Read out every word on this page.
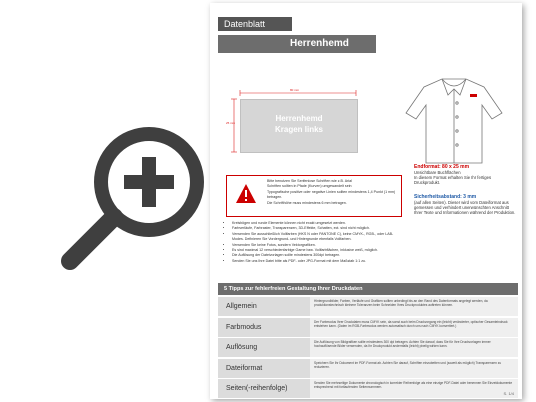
Datenblatt
Herrenhemd
80 mm
25 mm	Herrenhemd
Kragen links
Endformat: 80 x 25 mm
Unsichtbare Buchflächen
In diesem Format erhalten Sie Ihr fertiges
Druckprodukt.
Sicherheitsabstand: 3 mm
(auf allen Seiten). Dieser wird vom Dateiformat aus gemessen und verhindert unerwünschten Anschnitt Ihrer Texte und Informationen während der Produktion.
Bitte benutzen Sie Serifenlose Schriften wie z.B. Arial
Schriften sollten in Pfade (Kurven) umgewandelt sein
Typografische positive oder negative Linien sollten mindestens 1,4 Punkt (1 mm) betragen.
Die Schrifthöhe muss mindestens 6 mm betragen.
• Kreisbögen und runde Elemente können nicht exakt umgesetzt werden.
• Farbverläufe, Farbraster, Transparenzen, 3D-Effekte, Schatten, ect. sind nicht möglich.
• Verwenden Sie ausschließlich Vollfarben (HKS N oder PANTONE C), keine CMYK-, RGB-, oder LAB-Modes. Definieren Sie Vordergrund- und Hintergrunde ebenfalls Vollfarben.
• Verwenden Sie keine Fotos, sondern Vektorgrafiken.
• Es sind maximal 12 verschiedenfarbige Garne bzw. Vollfarbflächen, inklusive weiß, möglich.
• Die Auflösung der Dateivorlagen sollte mindestens 300dpi betragen.
• Senden Sie uns Ihre Datei bitte als PDF- oder JPG-Format mit dem Maßstab 1:1 zu.
5 Tipps zur fehlerfreien Gestaltung Ihrer Druckdaten
Allgemein
Hintergrundbilder, Farben, Verläufe und Grafiken sollten unbedingt bis an den Rand des Datenformats angelegt werden, da produktionstechnisch kleinere Toleranzen beim Schneiden Ihres Druckproduktes auftreten können.
Farbmodus
Der Farbmodus Ihrer Druckdaten muss CMYK sein, da sonst auch beim Druckvorgang ein (leicht) veränderter, optischer Gesamteindruck entstehen kann. (Daten im RGB-Farbmodus werden automatisch durch uns nach CMYK konvertiert.)
Auflösung
Die Auflösung von Bildgrafiken sollte mindestens 300 dpi betragen. Achten Sie darauf, dass Sie für Ihre Druckvorlagen immer hochauflösende Bilder verwenden, da Ihr Druckprodukt andernfalls (leicht) pixelig wirken kann.
Dateiformat
Speichern Sie Ihr Dokument im PDF-Format ab. Achten Sie darauf, Schriften einzubetten und (soweit als möglich) Transparenzen zu reduzieren.
Seiten(-reihenfolge)
Senden Sie mehrseitige Dokumente chronologisch in korrekter Reihenfolge als eine einzige PDF-Datei oder benennen Sie Einzeldokumente entsprechend mit fortlaufenden Seitennummern.
S. 1/4
